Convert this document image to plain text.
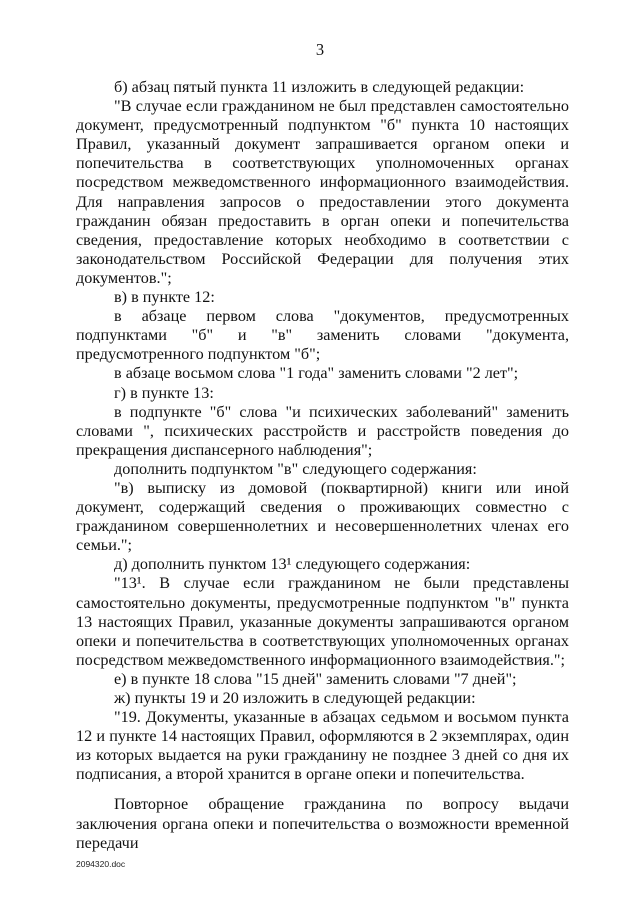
3

б) абзац пятый пункта 11 изложить в следующей редакции:

"В случае если гражданином не был представлен самостоятельно документ, предусмотренный подпунктом "б" пункта 10 настоящих Правил, указанный документ запрашивается органом опеки и попечительства в соответствующих уполномоченных органах посредством межведомственного информационного взаимодействия. Для направления запросов о предоставлении этого документа гражданин обязан предоставить в орган опеки и попечительства сведения, предоставление которых необходимо в соответствии с законодательством Российской Федерации для получения этих документов.";

в) в пункте 12:

в абзаце первом слова "документов, предусмотренных подпунктами "б" и "в" заменить словами "документа, предусмотренного подпунктом "б";

в абзаце восьмом слова "1 года" заменить словами "2 лет";

г) в пункте 13:

в подпункте "б" слова "и психических заболеваний" заменить словами ", психических расстройств и расстройств поведения до прекращения диспансерного наблюдения";

дополнить подпунктом "в" следующего содержания:

"в) выписку из домовой (поквартирной) книги или иной документ, содержащий сведения о проживающих совместно с гражданином совершеннолетних и несовершеннолетних членах его семьи.";

д) дополнить пунктом 13¹ следующего содержания:

"13¹. В случае если гражданином не были представлены самостоятельно документы, предусмотренные подпунктом "в" пункта 13 настоящих Правил, указанные документы запрашиваются органом опеки и попечительства в соответствующих уполномоченных органах посредством межведомственного информационного взаимодействия.";

е) в пункте 18 слова "15 дней" заменить словами "7 дней";

ж) пункты 19 и 20 изложить в следующей редакции:

"19. Документы, указанные в абзацах седьмом и восьмом пункта 12 и пункте 14 настоящих Правил, оформляются в 2 экземплярах, один из которых выдается на руки гражданину не позднее 3 дней со дня их подписания, а второй хранится в органе опеки и попечительства.

Повторное обращение гражданина по вопросу выдачи заключения органа опеки и попечительства о возможности временной передачи

2094320.doc
